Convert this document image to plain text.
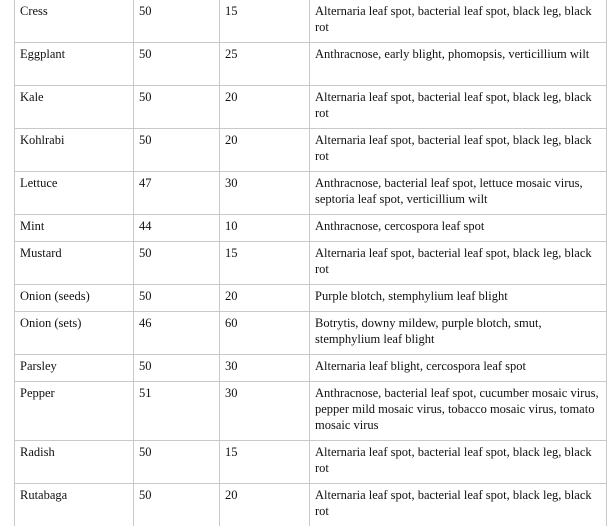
Cress	50	15	Alternaria leaf spot, bacterial leaf spot, black leg, black rot
Eggplant	50	25	Anthracnose, early blight, phomopsis, verticillium wilt
Kale	50	20	Alternaria leaf spot, bacterial leaf spot, black leg, black rot
Kohlrabi	50	20	Alternaria leaf spot, bacterial leaf spot, black leg, black rot
Lettuce	47	30	Anthracnose, bacterial leaf spot, lettuce mosaic virus, septoria leaf spot, verticillium wilt
Mint	44	10	Anthracnose, cercospora leaf spot
Mustard	50	15	Alternaria leaf spot, bacterial leaf spot, black leg, black rot
Onion (seeds)	50	20	Purple blotch, stemphylium leaf blight
Onion (sets)	46	60	Botrytis, downy mildew, purple blotch, smut, stemphylium leaf blight
Parsley	50	30	Alternaria leaf blight, cercospora leaf spot
Pepper	51	30	Anthracnose, bacterial leaf spot, cucumber mosaic virus, pepper mild mosaic virus, tobacco mosaic virus, tomato mosaic virus
Radish	50	15	Alternaria leaf spot, bacterial leaf spot, black leg, black rot
Rutabaga	50	20	Alternaria leaf spot, bacterial leaf spot, black leg, black rot
